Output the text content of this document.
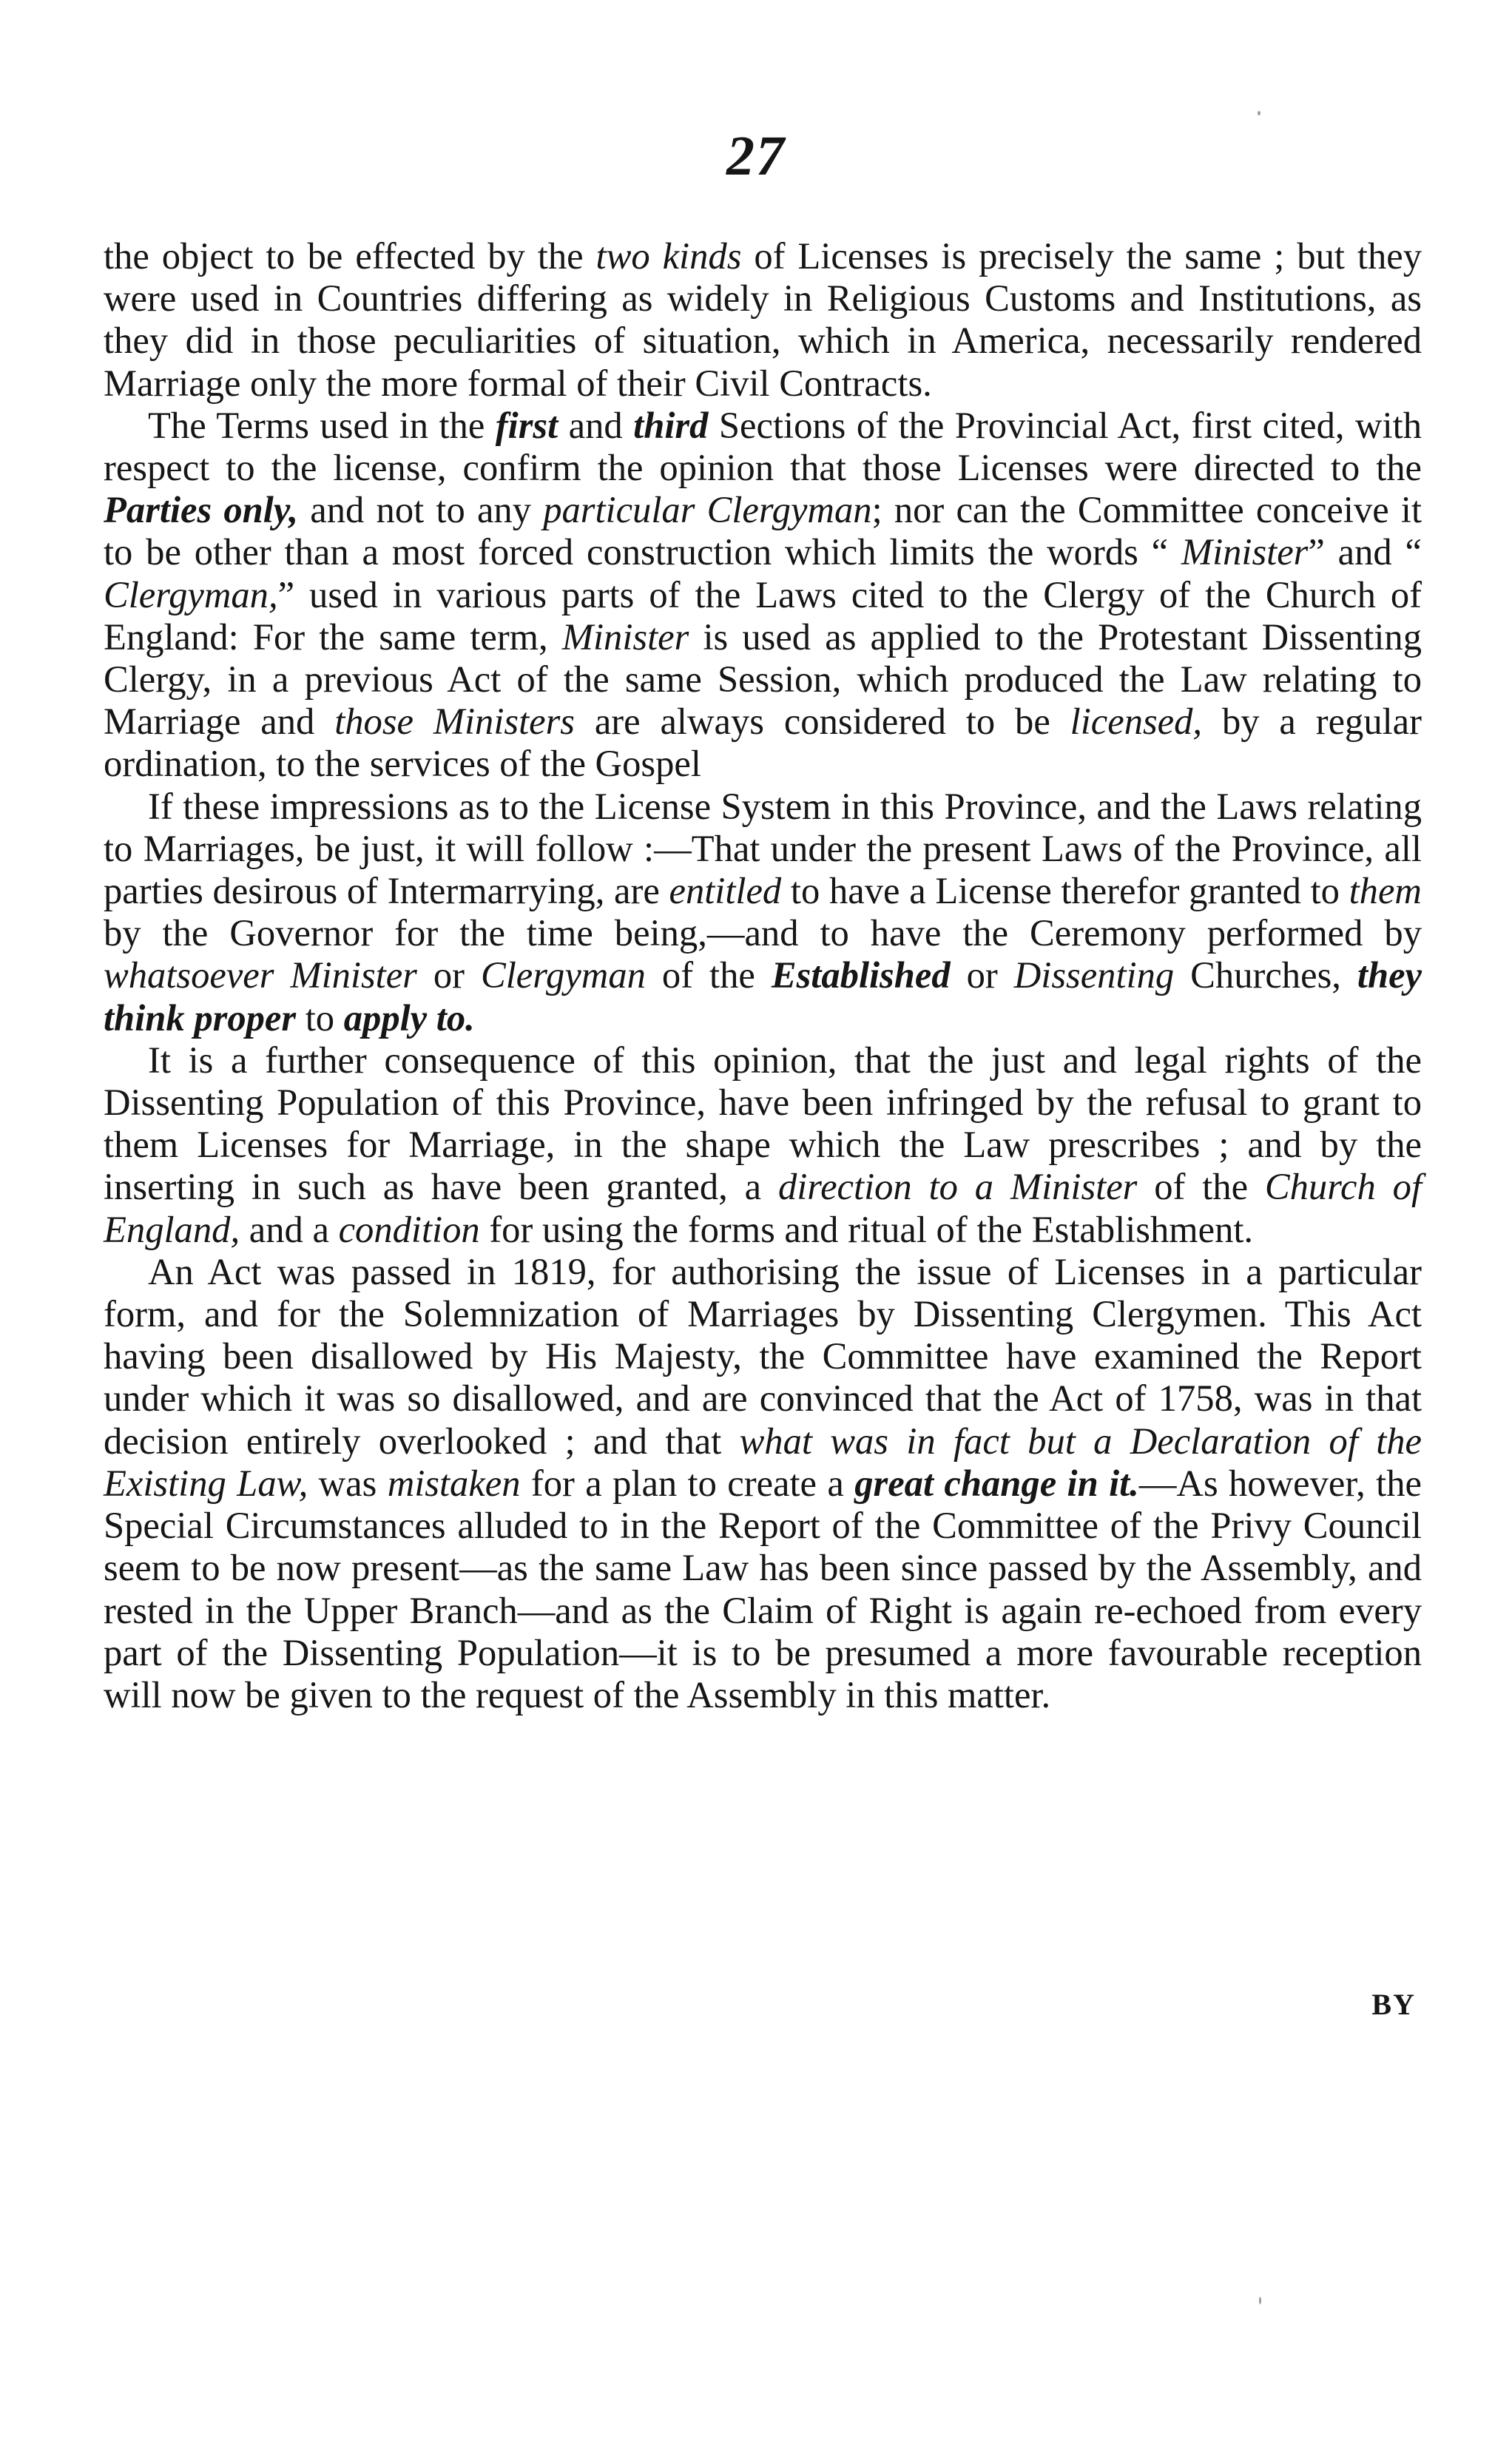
27

the object to be effected by the two kinds of Licenses is precisely the same ; but they were used in Countries differing as widely in Religious Customs and Institutions, as they did in those peculiarities of situation, which in America, necessarily rendered Marriage only the more formal of their Civil Contracts.

The Terms used in the first and third Sections of the Provincial Act, first cited, with respect to the license, confirm the opinion that those Licenses were directed to the Parties only, and not to any particular Clergyman; nor can the Committee conceive it to be other than a most forced construction which limits the words “ Minister” and “ Clergyman,” used in various parts of the Laws cited to the Clergy of the Church of England: For the same term, Minister is used as applied to the Protestant Dissenting Clergy, in a previous Act of the same Session, which produced the Law relating to Marriage and those Ministers are always considered to be licensed, by a regular ordination, to the services of the Gospel

If these impressions as to the License System in this Province, and the Laws relating to Marriages, be just, it will follow :—That under the present Laws of the Province, all parties desirous of Intermarrying, are entitled to have a License therefor granted to them by the Governor for the time being,—and to have the Ceremony performed by whatsoever Minister or Clergyman of the Established or Dissenting Churches, they think proper to apply to.

It is a further consequence of this opinion, that the just and legal rights of the Dissenting Population of this Province, have been infringed by the refusal to grant to them Licenses for Marriage, in the shape which the Law prescribes ; and by the inserting in such as have been granted, a direction to a Minister of the Church of England, and a condition for using the forms and ritual of the Establishment.

An Act was passed in 1819, for authorising the issue of Licenses in a particular form, and for the Solemnization of Marriages by Dissenting Clergymen. This Act having been disallowed by His Majesty, the Committee have examined the Report under which it was so disallowed, and are convinced that the Act of 1758, was in that decision entirely overlooked ; and that what was in fact but a Declaration of the Existing Law, was mistaken for a plan to create a great change in it.—As however, the Special Circumstances alluded to in the Report of the Committee of the Privy Council seem to be now present—as the same Law has been since passed by the Assembly, and rested in the Upper Branch—and as the Claim of Right is again re-echoed from every part of the Dissenting Population—it is to be presumed a more favourable reception will now be given to the request of the Assembly in this matter.

BY
